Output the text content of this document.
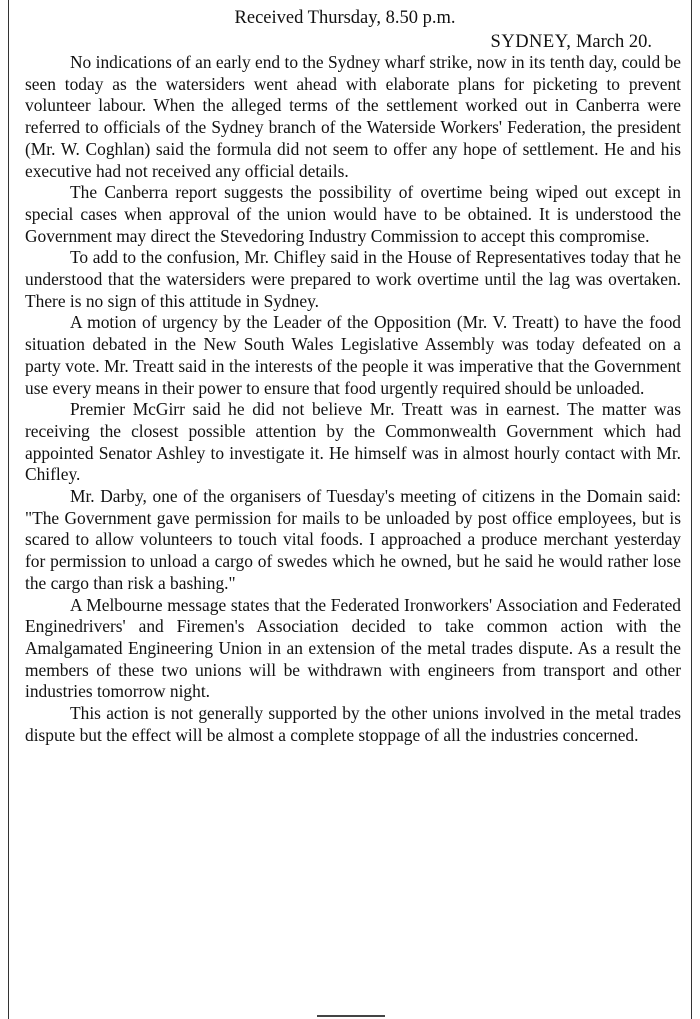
Received Thursday, 8.50 p.m.
SYDNEY, March 20.

No indications of an early end to the Sydney wharf strike, now in its tenth day, could be seen today as the watersiders went ahead with elaborate plans for picketing to prevent volunteer labour. When the alleged terms of the settlement worked out in Canberra were referred to officials of the Sydney branch of the Waterside Workers' Federation, the president (Mr. W. Coghlan) said the formula did not seem to offer any hope of settlement. He and his executive had not received any official details.

The Canberra report suggests the possibility of overtime being wiped out except in special cases when approval of the union would have to be obtained. It is understood the Government may direct the Stevedoring Industry Commission to accept this compromise.

To add to the confusion, Mr. Chifley said in the House of Representatives today that he understood that the watersiders were prepared to work overtime until the lag was overtaken. There is no sign of this attitude in Sydney.

A motion of urgency by the Leader of the Opposition (Mr. V. Treatt) to have the food situation debated in the New South Wales Legislative Assembly was today defeated on a party vote. Mr. Treatt said in the interests of the people it was imperative that the Government use every means in their power to ensure that food urgently required should be unloaded.

Premier McGirr said he did not believe Mr. Treatt was in earnest. The matter was receiving the closest possible attention by the Commonwealth Government which had appointed Senator Ashley to investigate it. He himself was in almost hourly contact with Mr. Chifley.

Mr. Darby, one of the organisers of Tuesday's meeting of citizens in the Domain said: "The Government gave permission for mails to be unloaded by post office employees, but is scared to allow volunteers to touch vital foods. I approached a produce merchant yesterday for permission to unload a cargo of swedes which he owned, but he said he would rather lose the cargo than risk a bashing."

A Melbourne message states that the Federated Ironworkers' Association and Federated Enginedrivers' and Firemen's Association decided to take common action with the Amalgamated Engineering Union in an extension of the metal trades dispute. As a result the members of these two unions will be withdrawn with engineers from transport and other industries tomorrow night.

This action is not generally supported by the other unions involved in the metal trades dispute but the effect will be almost a complete stoppage of all the industries concerned.
